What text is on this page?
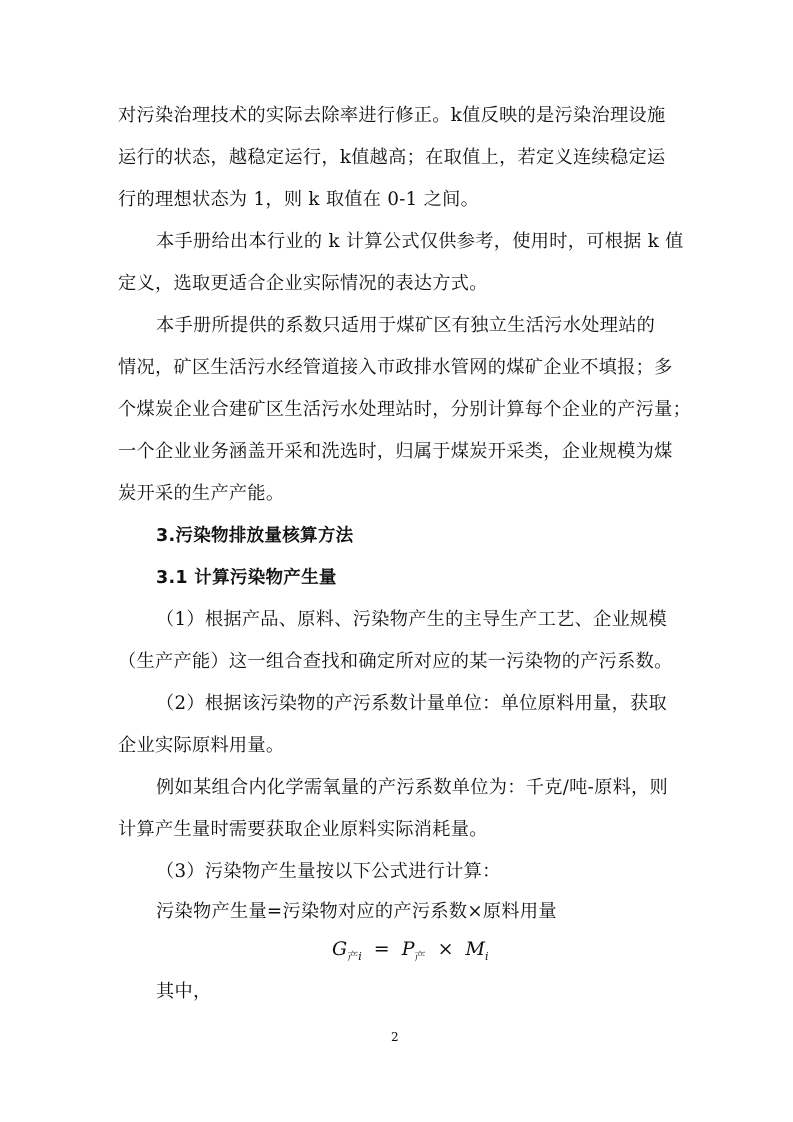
对污染治理技术的实际去除率进行修正。k值反映的是污染治理设施
运行的状态，越稳定运行，k值越高；在取值上，若定义连续稳定运
行的理想状态为 1，则 k 取值在 0-1 之间。
本手册给出本行业的 k 计算公式仅供参考，使用时，可根据 k 值
定义，选取更适合企业实际情况的表达方式。
本手册所提供的系数只适用于煤矿区有独立生活污水处理站的
情况，矿区生活污水经管道接入市政排水管网的煤矿企业不填报；多
个煤炭企业合建矿区生活污水处理站时，分别计算每个企业的产污量；
一个企业业务涵盖开采和洗选时，归属于煤炭开采类，企业规模为煤
炭开采的生产产能。
3.污染物排放量核算方法
3.1 计算污染物产生量
（1）根据产品、原料、污染物产生的主导生产工艺、企业规模
（生产产能）这一组合查找和确定所对应的某一污染物的产污系数。
（2）根据该污染物的产污系数计量单位：单位原料用量，获取
企业实际原料用量。
例如某组合内化学需氧量的产污系数单位为：千克/吨-原料，则
计算产生量时需要获取企业原料实际消耗量。
（3）污染物产生量按以下公式进行计算：
污染物产生量=污染物对应的产污系数×原料用量
$G_{产i} = P_产 \times M_i$
其中，
2
